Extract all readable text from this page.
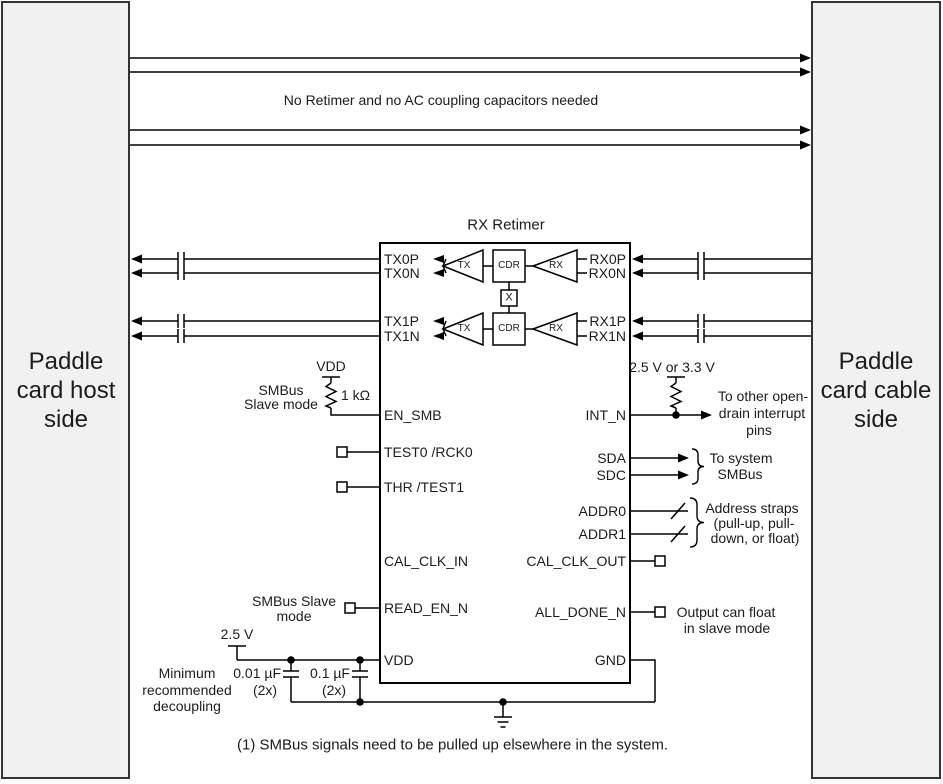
Paddle
card host
side
Paddle
card cable
side
No Retimer and no AC coupling capacitors needed
RX Retimer
(1) SMBus signals need to be pulled up elsewhere in the system.
TX0P
TX0N
TX1P
TX1N
EN_SMB
TEST0 /RCK0
THR /TEST1
CAL_CLK_IN
READ_EN_N
VDD
RX0P
RX0N
RX1P
RX1N
INT_N
SDA
SDC
ADDR0
ADDR1
CAL_CLK_OUT
ALL_DONE_N
GND
TX	CDR	RX
X
TX	CDR	RX
VDD
SMBus
Slave mode
1 kΩ
SMBus Slave
mode
2.5 V
0.01 µF
(2x)
0.1 µF
(2x)
Minimum
recommended
decoupling
2.5 V or 3.3 V
To other open-
drain interrupt
pins
To system
SMBus
Address straps
(pull-up, pull-
down, or float)
Output can float
in slave mode
